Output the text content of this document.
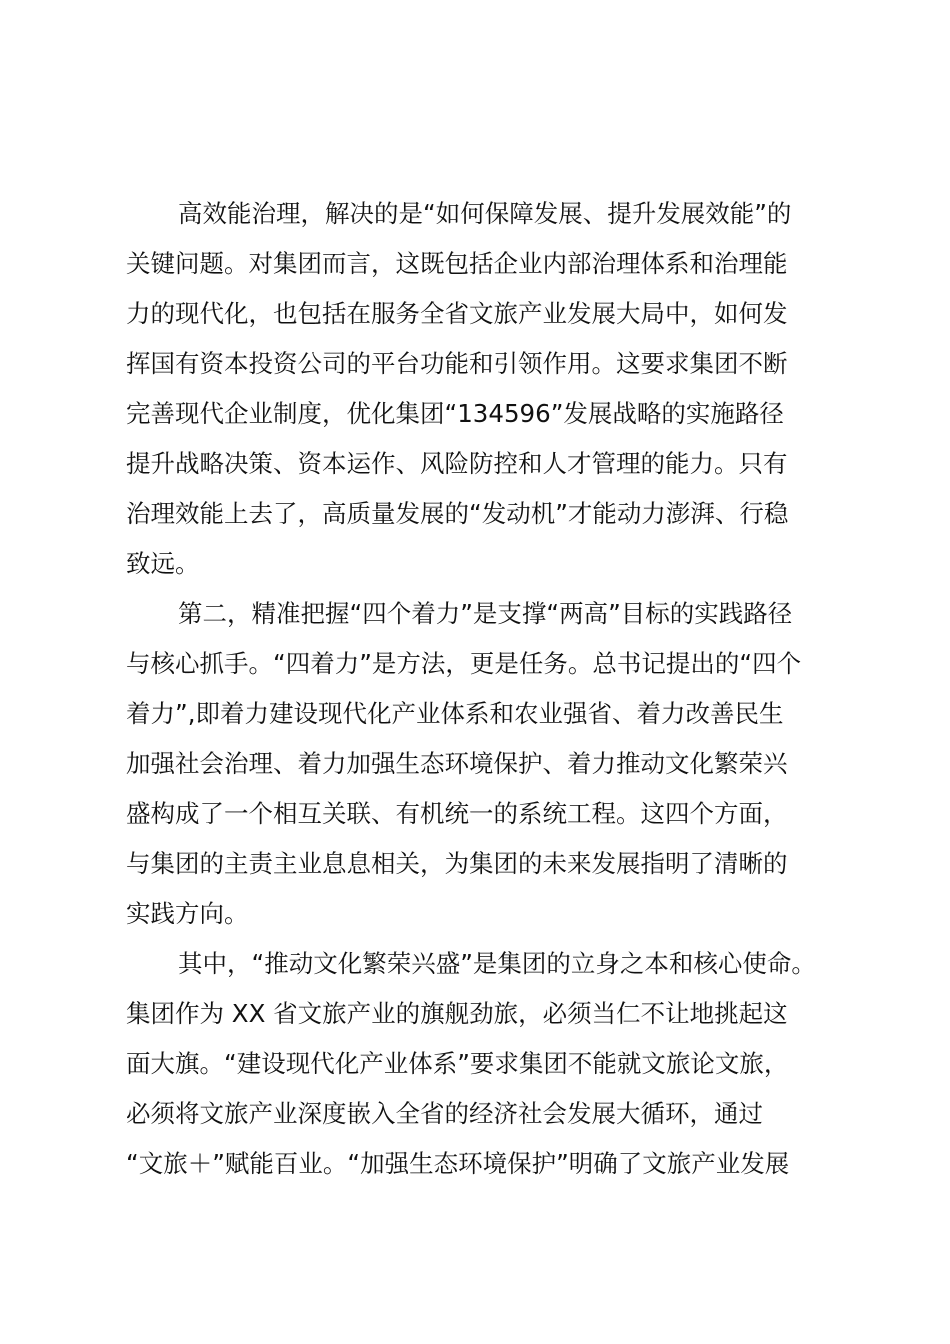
高效能治理，解决的是“如何保障发展、提升发展效能”的
关键问题。对集团而言，这既包括企业内部治理体系和治理能
力的现代化，也包括在服务全省文旅产业发展大局中，如何发
挥国有资本投资公司的平台功能和引领作用。这要求集团不断
完善现代企业制度，优化集团“134596”发展战略的实施路径
提升战略决策、资本运作、风险防控和人才管理的能力。只有
治理效能上去了，高质量发展的“发动机”才能动力澎湃、行稳
致远。
第二，精准把握“四个着力”是支撑“两高”目标的实践路径
与核心抓手。“四着力”是方法，更是任务。总书记提出的“四个
着力”,即着力建设现代化产业体系和农业强省、着力改善民生
加强社会治理、着力加强生态环境保护、着力推动文化繁荣兴
盛构成了一个相互关联、有机统一的系统工程。这四个方面，
与集团的主责主业息息相关，为集团的未来发展指明了清晰的
实践方向。
其中，“推动文化繁荣兴盛”是集团的立身之本和核心使命。
集团作为 XX 省文旅产业的旗舰劲旅，必须当仁不让地挑起这
面大旗。“建设现代化产业体系”要求集团不能就文旅论文旅，
必须将文旅产业深度嵌入全省的经济社会发展大循环，通过
“文旅＋”赋能百业。“加强生态环境保护”明确了文旅产业发展
